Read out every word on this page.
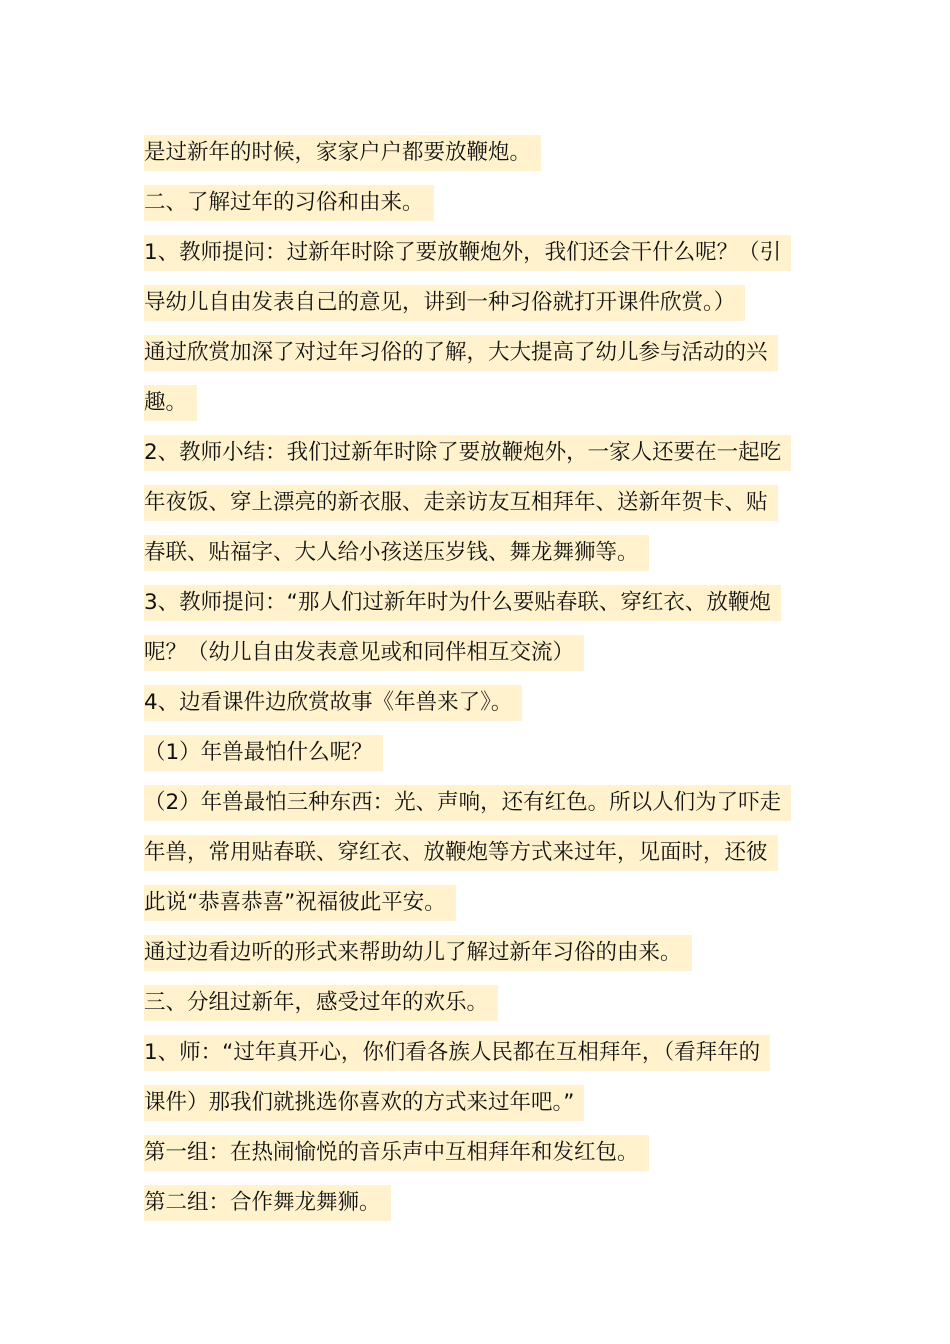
是过新年的时候，家家户户都要放鞭炮。
二、了解过年的习俗和由来。
1、教师提问：过新年时除了要放鞭炮外，我们还会干什么呢？（引
导幼儿自由发表自己的意见，讲到一种习俗就打开课件欣赏。）
通过欣赏加深了对过年习俗的了解，大大提高了幼儿参与活动的兴
趣。
2、教师小结：我们过新年时除了要放鞭炮外，一家人还要在一起吃
年夜饭、穿上漂亮的新衣服、走亲访友互相拜年、送新年贺卡、贴
春联、贴福字、大人给小孩送压岁钱、舞龙舞狮等。
3、教师提问：“那人们过新年时为什么要贴春联、穿红衣、放鞭炮
呢？（幼儿自由发表意见或和同伴相互交流）
4、边看课件边欣赏故事《年兽来了》。
（1）年兽最怕什么呢？
（2）年兽最怕三种东西：光、声响，还有红色。所以人们为了吓走
年兽，常用贴春联、穿红衣、放鞭炮等方式来过年，见面时，还彼
此说“恭喜恭喜”祝福彼此平安。
通过边看边听的形式来帮助幼儿了解过新年习俗的由来。
三、分组过新年，感受过年的欢乐。
1、师：“过年真开心，你们看各族人民都在互相拜年，（看拜年的
课件）那我们就挑选你喜欢的方式来过年吧。”
第一组：在热闹愉悦的音乐声中互相拜年和发红包。
第二组：合作舞龙舞狮。
